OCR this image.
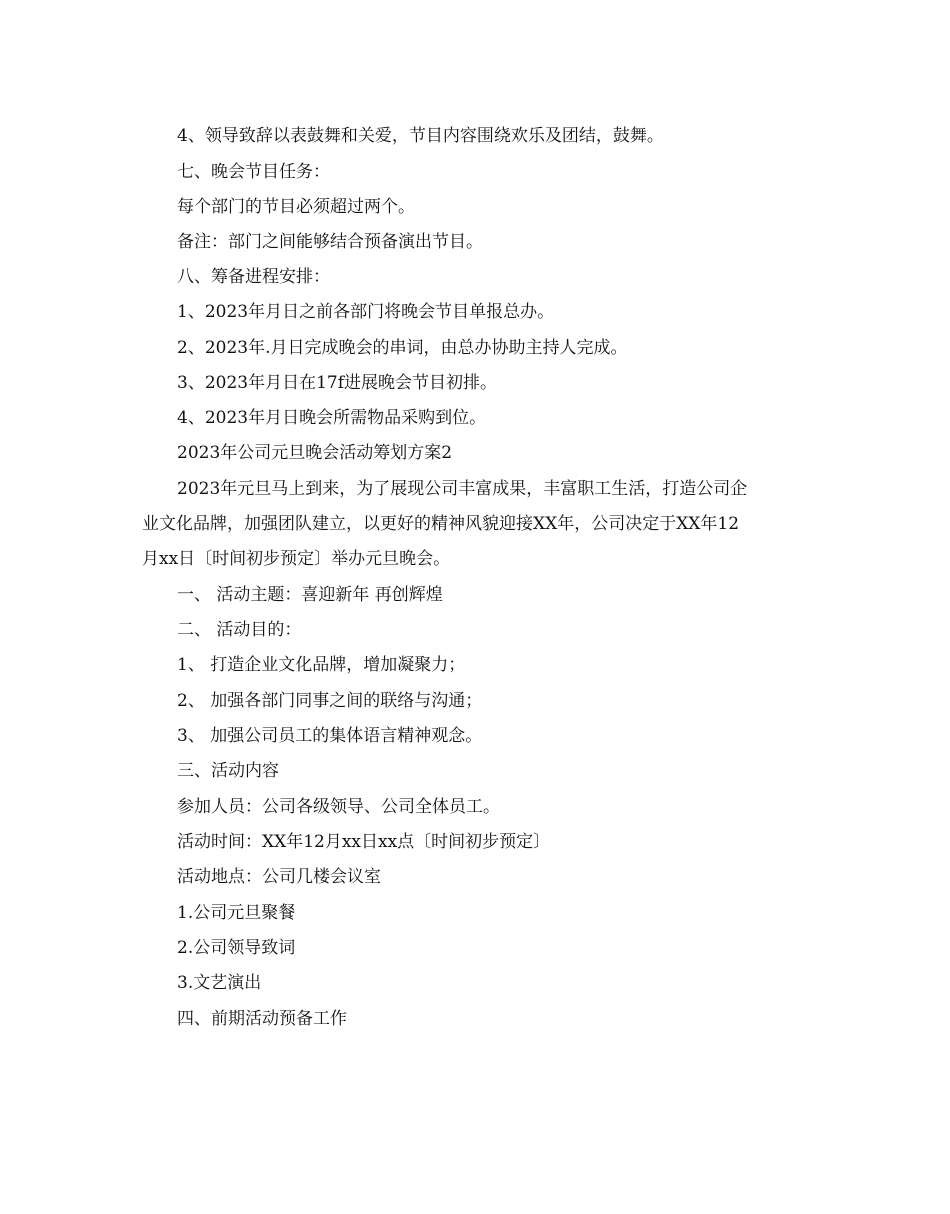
4、领导致辞以表鼓舞和关爱，节目内容围绕欢乐及团结，鼓舞。
七、晚会节目任务：
每个部门的节目必须超过两个。
备注：部门之间能够结合预备演出节目。
八、筹备进程安排：
1、2023年月日之前各部门将晚会节目单报总办。
2、2023年.月日完成晚会的串词，由总办协助主持人完成。
3、2023年月日在17f进展晚会节目初排。
4、2023年月日晚会所需物品采购到位。
2023年公司元旦晚会活动筹划方案2
2023年元旦马上到来，为了展现公司丰富成果，丰富职工生活，打造公司企
业文化品牌，加强团队建立，以更好的精神风貌迎接XX年，公司决定于XX年12
月xx日〔时间初步预定〕举办元旦晚会。
一、 活动主题：喜迎新年 再创辉煌
二、 活动目的：
1、 打造企业文化品牌，增加凝聚力；
2、 加强各部门同事之间的联络与沟通；
3、 加强公司员工的集体语言精神观念。
三、活动内容
参加人员：公司各级领导、公司全体员工。
活动时间：XX年12月xx日xx点〔时间初步预定〕
活动地点：公司几楼会议室
1.公司元旦聚餐
2.公司领导致词
3.文艺演出
四、前期活动预备工作
